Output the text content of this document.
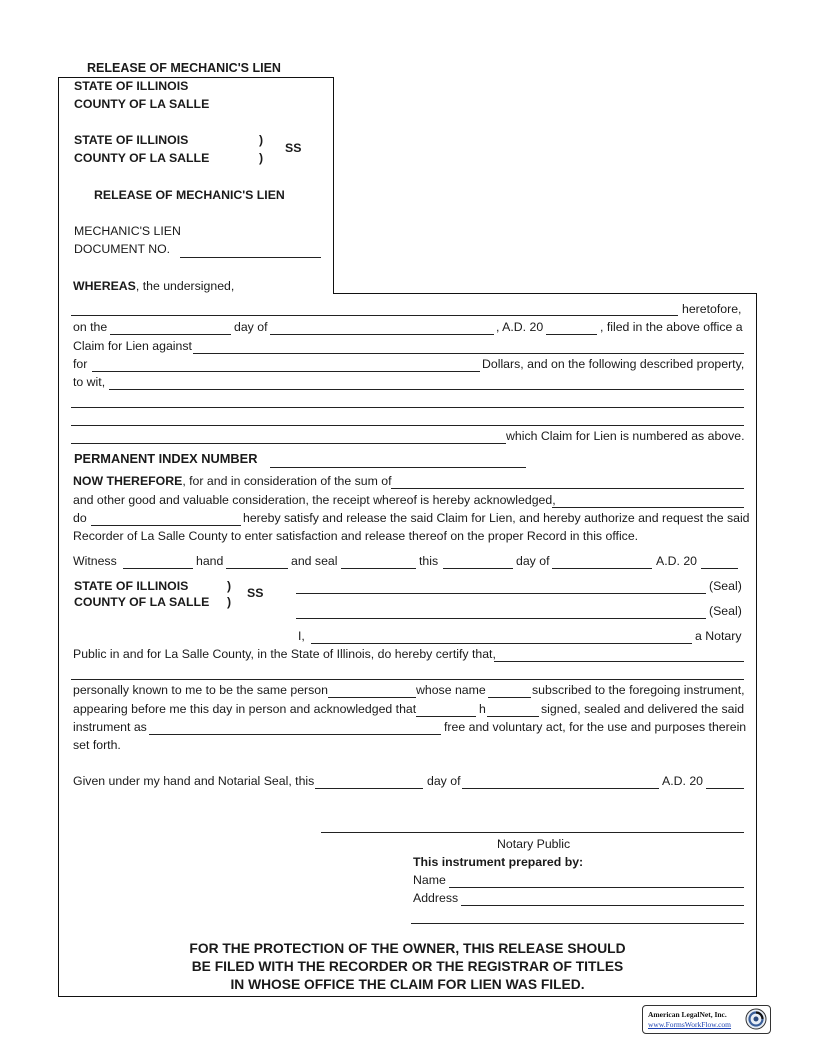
RELEASE OF MECHANIC'S LIEN
STATE OF ILLINOIS
COUNTY OF LA SALLE
STATE OF ILLINOIS
COUNTY OF LA SALLE
)
)
SS
RELEASE OF MECHANIC'S LIEN
MECHANIC'S LIEN
DOCUMENT NO.
WHEREAS, the undersigned,
heretofore,
on the	day of	, A.D. 20	, filed in the above office a
Claim for Lien against
for	Dollars, and on the following described property,
to wit,
which Claim for Lien is numbered as above.
PERMANENT INDEX NUMBER
NOW THEREFORE, for and in consideration of the sum of
and other good and valuable consideration, the receipt whereof is hereby acknowledged,
do	hereby satisfy and release the said Claim for Lien, and hereby authorize and request the said
Recorder of La Salle County to enter satisfaction and release thereof on the proper Record in this office.
Witness	hand	and seal	this	day of	A.D. 20
STATE OF ILLINOIS
COUNTY OF LA SALLE
)
)
SS	(Seal)
(Seal)
I,	a Notary
Public in and for La Salle County, in the State of Illinois, do hereby certify that,
personally known to me to be the same person	whose name	subscribed to the foregoing instrument,
appearing before me this day in person and acknowledged that	h	signed, sealed and delivered the said
instrument as	free and voluntary act, for the use and purposes therein
set forth.
Given under my hand and Notarial Seal, this	day of	A.D. 20
Notary Public
This instrument prepared by:
Name
Address
FOR THE PROTECTION OF THE OWNER, THIS RELEASE SHOULD
BE FILED WITH THE RECORDER OR THE REGISTRAR OF TITLES
IN WHOSE OFFICE THE CLAIM FOR LIEN WAS FILED.
American LegalNet, Inc.
www.FormsWorkFlow.com
